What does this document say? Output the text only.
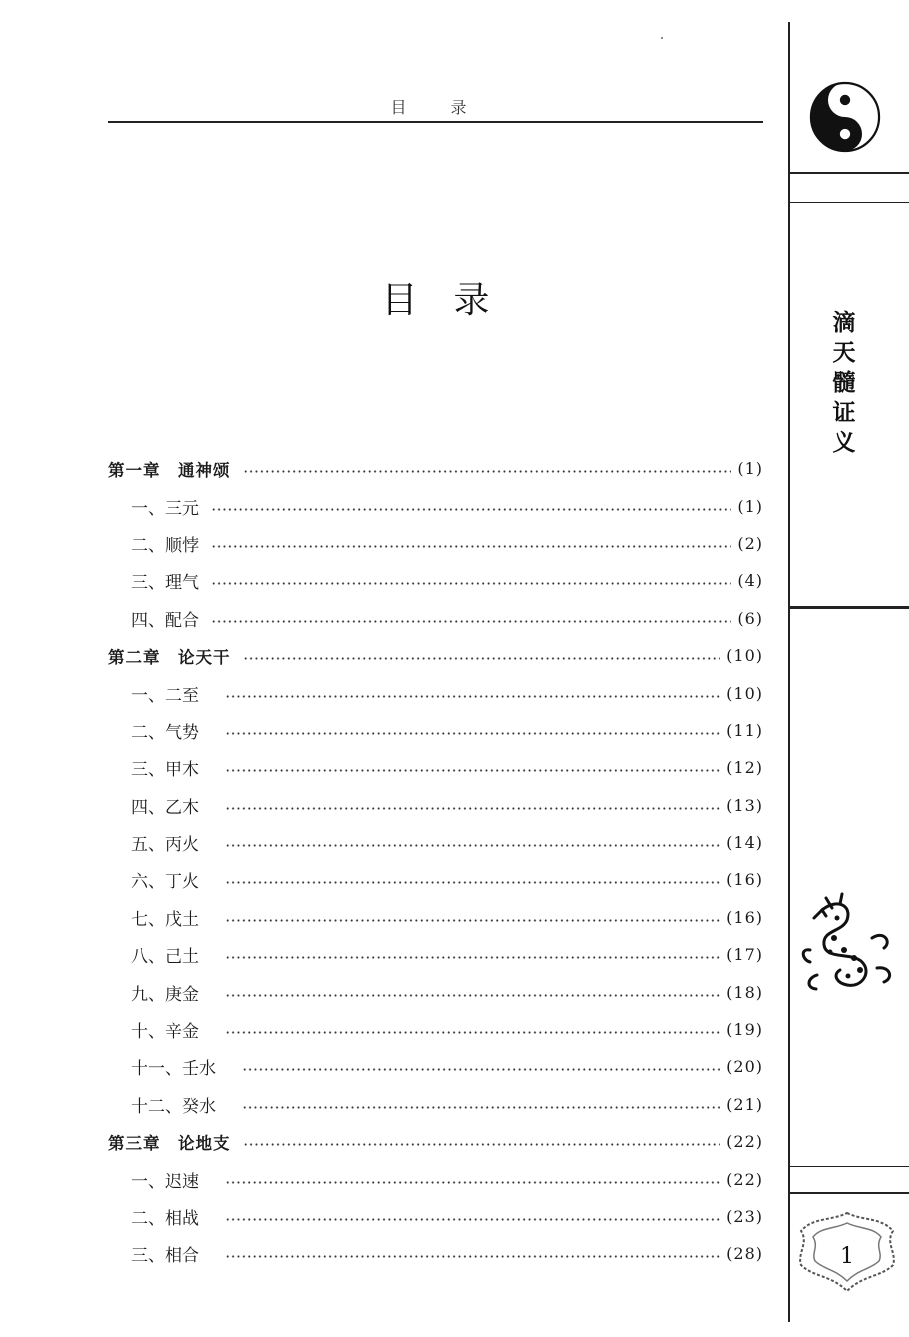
目　录
目录
第一章　通神颂	(1)
一、三元	(1)
二、顺悖	(2)
三、理气	(4)
四、配合	(6)
第二章　论天干	(10)
一、二至	(10)
二、气势	(11)
三、甲木	(12)
四、乙木	(13)
五、丙火	(14)
六、丁火	(16)
七、戊土	(16)
八、己土	(17)
九、庚金	(18)
十、辛金	(19)
十一、壬水	(20)
十二、癸水	(21)
第三章　论地支	(22)
一、迟速	(22)
二、相战	(23)
三、相合	(28)
滴
天
髓
证
义
1
